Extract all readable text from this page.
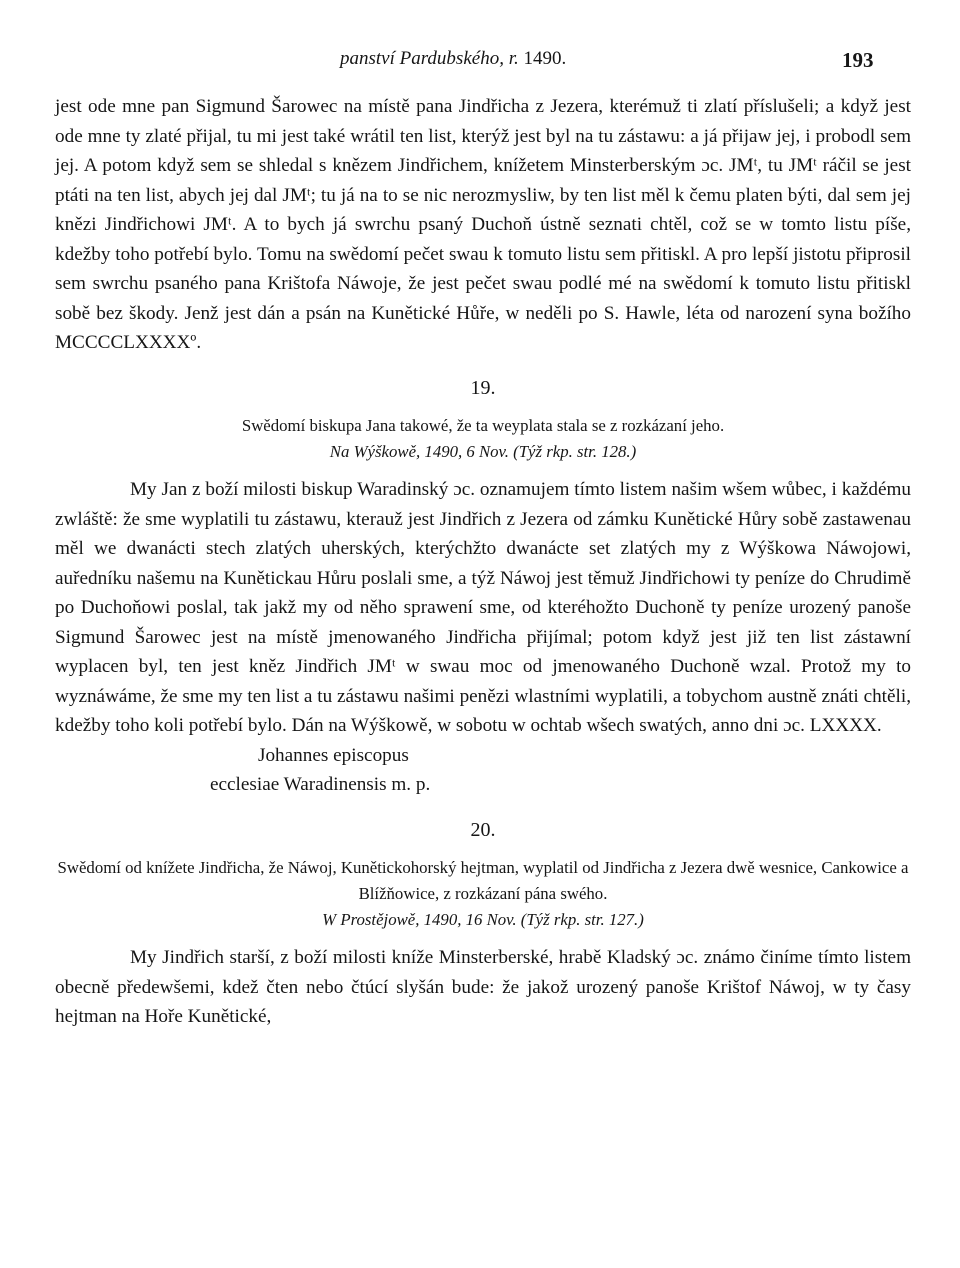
panství Pardubského, r. 1490.	193

jest ode mne pan Sigmund Šarowec na místě pana Jindřicha z Jezera, kterémuž ti zlatí příslušeli; a když jest ode mne ty zlaté přijal, tu mi jest také wrátil ten list, kterýž jest byl na tu zástawu: a já přijaw jej, i probodl sem jej. A potom když sem se shledal s knězem Jindřichem, knížetem Minsterberským ɔc. JMᵗ, tu JMᵗ ráčil se jest ptáti na ten list, abych jej dal JMᵗ; tu já na to se nic nerozmysliw, by ten list měl k čemu platen býti, dal sem jej knězi Jindřichowi JMᵗ. A to bych já swrchu psaný Duchoň ústně seznati chtěl, což se w tomto listu píše, kdežby toho potřebí bylo. Tomu na swědomí pečet swau k tomuto listu sem přitiskl. A pro lepší jistotu připrosil sem swrchu psaného pana Krištofa Náwoje, že jest pečet swau podlé mé na swědomí k tomuto listu přitiskl sobě bez škody. Jenž jest dán a psán na Kunětické Hůře, w neděli po S. Hawle, léta od narození syna božího MCCCCLXXXXº.

19.

Swědomí biskupa Jana takowé, že ta weyplata stala se z rozkázaní jeho.

Na Wýškowě, 1490, 6 Nov. (Týž rkp. str. 128.)

My Jan z boží milosti biskup Waradinský ɔc. oznamujem tímto listem našim wšem wůbec, i každému zwláště: že sme wyplatili tu zástawu, kterauž jest Jindřich z Jezera od zámku Kunětické Hůry sobě zastawenau měl we dwanácti stech zlatých uherských, kterýchžto dwanácte set zlatých my z Wýškowa Náwojowi, auředníku našemu na Kunětickau Hůru poslali sme, a týž Náwoj jest těmuž Jindřichowi ty peníze do Chrudimě po Duchoňowi poslal, tak jakž my od něho sprawení sme, od kteréhožto Duchoně ty peníze urozený panoše Sigmund Šarowec jest na místě jmenowaného Jindřicha přijímal; potom když jest již ten list zástawní wyplacen byl, ten jest kněz Jindřich JMᵗ w swau moc od jmenowaného Duchoně wzal. Protož my to wyznáwáme, že sme my ten list a tu zástawu našimi penězi wlastními wyplatili, a tobychom austně znáti chtěli, kdežby toho koli potřebí bylo. Dán na Wýškowě, w sobotu w ochtab wšech swatých, anno dni ɔc. LXXXX.

Johannes episcopus

ecclesiae Waradinensis m. p.

20.

Swědomí od knížete Jindřicha, že Náwoj, Kunětickohorský hejtman, wyplatil od Jindřicha z Jezera dwě wesnice, Cankowice a Blížňowice, z rozkázaní pána swého.

W Prostějowě, 1490, 16 Nov. (Týž rkp. str. 127.)

My Jindřich starší, z boží milosti kníže Minsterberské, hrabě Kladský ɔc. známo činíme tímto listem obecně předewšemi, kdež čten nebo čtúcí slyšán bude: že jakož urozený panoše Krištof Náwoj, w ty časy hejtman na Hoře Kunětické,
